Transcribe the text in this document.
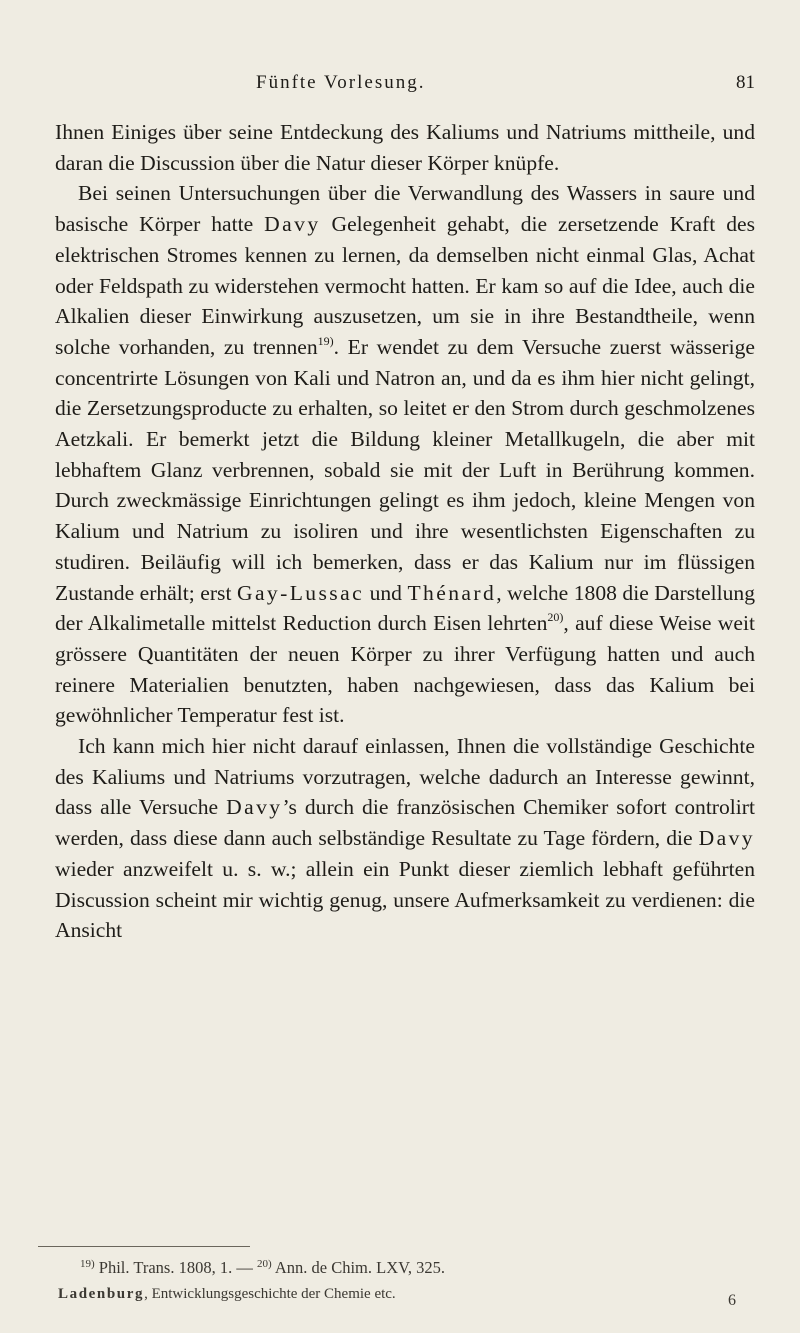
Fünfte Vorlesung.	81

Ihnen Einiges über seine Entdeckung des Kaliums und Natriums mittheile, und daran die Discussion über die Natur dieser Körper knüpfe.

Bei seinen Untersuchungen über die Verwandlung des Wassers in saure und basische Körper hatte Davy Gelegenheit gehabt, die zersetzende Kraft des elektrischen Stromes kennen zu lernen, da demselben nicht einmal Glas, Achat oder Feldspath zu widerstehen vermocht hatten. Er kam so auf die Idee, auch die Alkalien dieser Einwirkung auszusetzen, um sie in ihre Bestandtheile, wenn solche vorhanden, zu trennen$^{19)}$. Er wendet zu dem Versuche zuerst wässerige concentrirte Lösungen von Kali und Natron an, und da es ihm hier nicht gelingt, die Zersetzungsproducte zu erhalten, so leitet er den Strom durch geschmolzenes Aetzkali. Er bemerkt jetzt die Bildung kleiner Metallkugeln, die aber mit lebhaftem Glanz verbrennen, sobald sie mit der Luft in Berührung kommen. Durch zweckmässige Einrichtungen gelingt es ihm jedoch, kleine Mengen von Kalium und Natrium zu isoliren und ihre wesentlichsten Eigenschaften zu studiren. Beiläufig will ich bemerken, dass er das Kalium nur im flüssigen Zustande erhält; erst Gay-Lussac und Thénard, welche 1808 die Darstellung der Alkalimetalle mittelst Reduction durch Eisen lehrten$^{20)}$, auf diese Weise weit grössere Quantitäten der neuen Körper zu ihrer Verfügung hatten und auch reinere Materialien benutzten, haben nachgewiesen, dass das Kalium bei gewöhnlicher Temperatur fest ist.

Ich kann mich hier nicht darauf einlassen, Ihnen die vollständige Geschichte des Kaliums und Natriums vorzutragen, welche dadurch an Interesse gewinnt, dass alle Versuche Davy’s durch die französischen Chemiker sofort controlirt werden, dass diese dann auch selbständige Resultate zu Tage fördern, die Davy wieder anzweifelt u. s. w.; allein ein Punkt dieser ziemlich lebhaft geführten Discussion scheint mir wichtig genug, unsere Aufmerksamkeit zu verdienen: die Ansicht

$^{19)}$ Phil. Trans. 1808, 1. — $^{20)}$ Ann. de Chim. LXV, 325.
Ladenburg, Entwicklungsgeschichte der Chemie etc.	6
